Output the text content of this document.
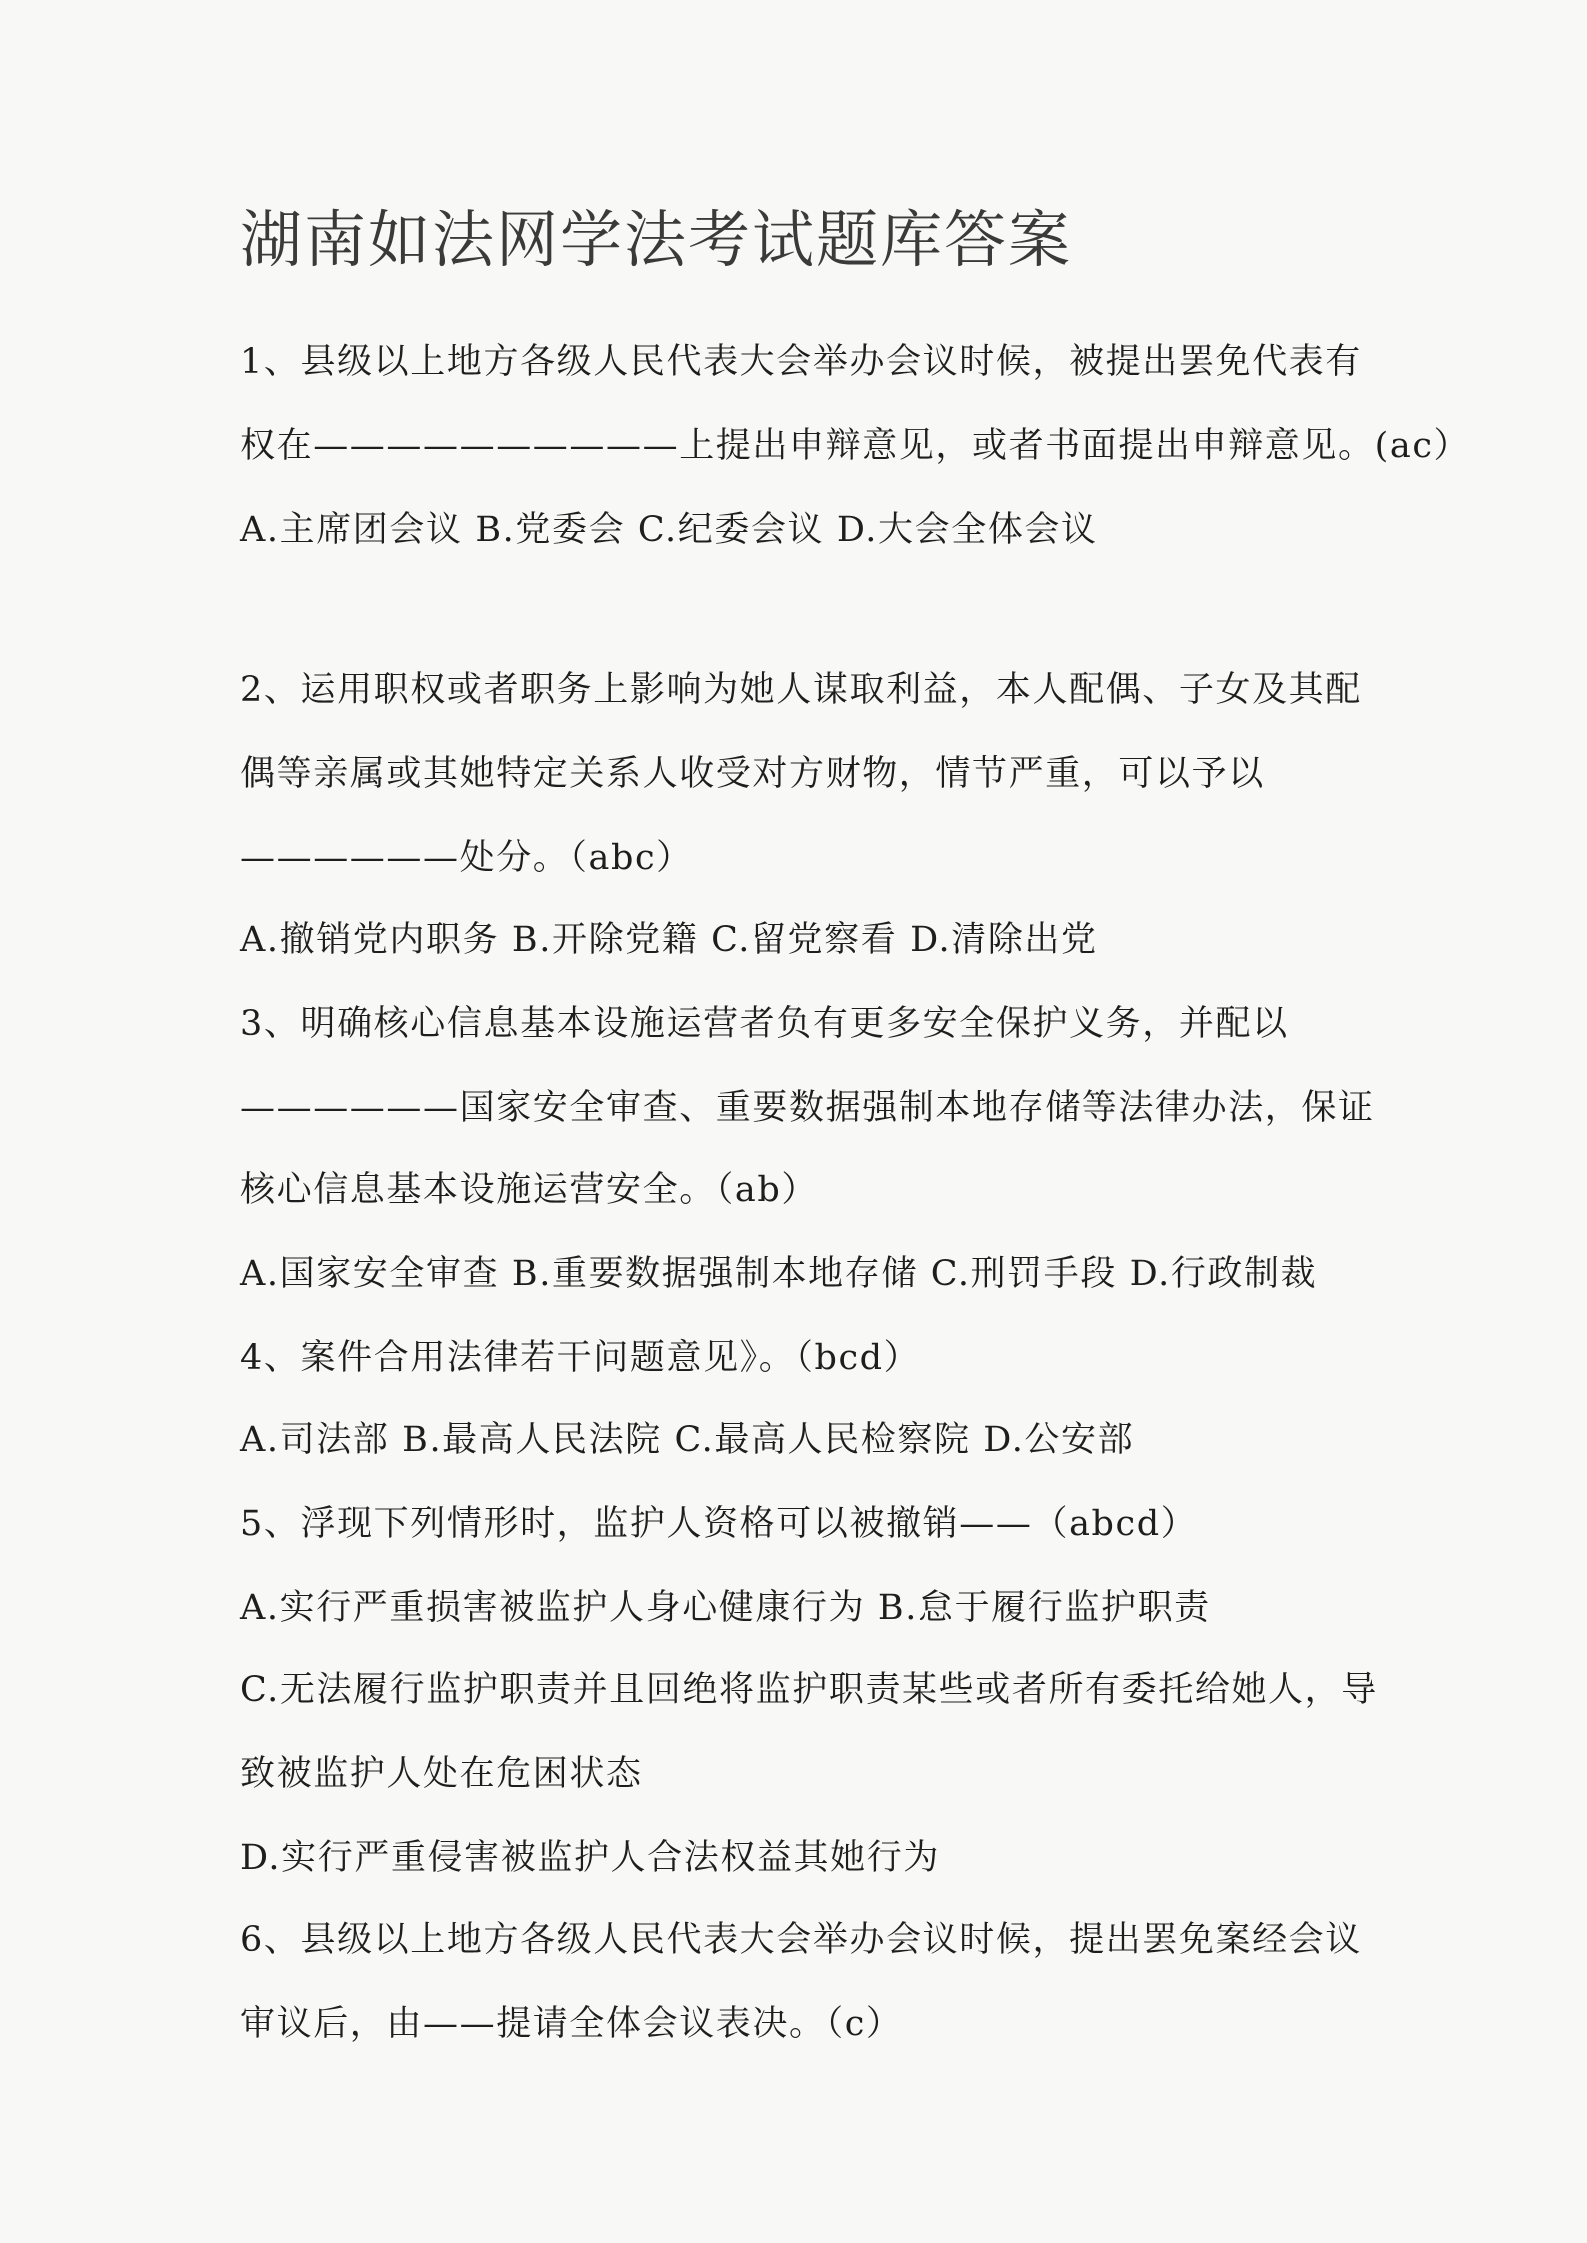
湖南如法网学法考试题库答案
1、县级以上地方各级人民代表大会举办会议时候，被提出罢免代表有
权在——————————上提出申辩意见，或者书面提出申辩意见。(ac）
A.主席团会议 B.党委会 C.纪委会议 D.大会全体会议
2、运用职权或者职务上影响为她人谋取利益，本人配偶、子女及其配
偶等亲属或其她特定关系人收受对方财物，情节严重，可以予以
——————处分。（abc）
A.撤销党内职务 B.开除党籍 C.留党察看 D.清除出党
3、明确核心信息基本设施运营者负有更多安全保护义务，并配以
——————国家安全审查、重要数据强制本地存储等法律办法，保证
核心信息基本设施运营安全。（ab）
A.国家安全审查 B.重要数据强制本地存储 C.刑罚手段 D.行政制裁
4、案件合用法律若干问题意见》。（bcd）
A.司法部 B.最高人民法院 C.最高人民检察院 D.公安部
5、浮现下列情形时，监护人资格可以被撤销——（abcd）
A.实行严重损害被监护人身心健康行为 B.怠于履行监护职责
C.无法履行监护职责并且回绝将监护职责某些或者所有委托给她人，导
致被监护人处在危困状态
D.实行严重侵害被监护人合法权益其她行为
6、县级以上地方各级人民代表大会举办会议时候，提出罢免案经会议
审议后，由——提请全体会议表决。（c）
